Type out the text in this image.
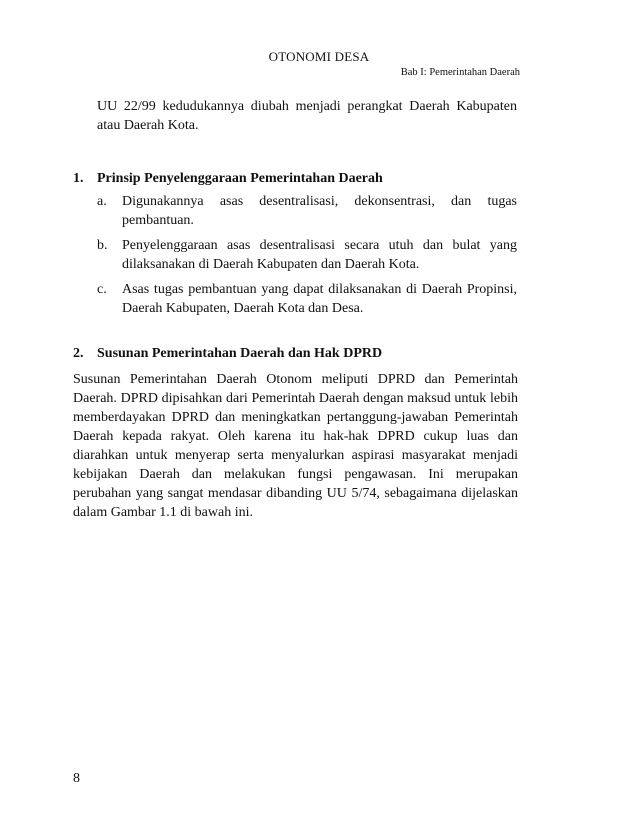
OTONOMI DESA
Bab I: Pemerintahan Daerah

UU 22/99 kedudukannya diubah menjadi perangkat Daerah Kabupaten atau Daerah Kota.

1. Prinsip Penyelenggaraan Pemerintahan Daerah
a.	Digunakannya asas desentralisasi, dekonsentrasi, dan tugas pembantuan.
b.	Penyelenggaraan asas desentralisasi secara utuh dan bulat yang dilaksanakan di Daerah Kabupaten dan Daerah Kota.
c.	Asas tugas pembantuan yang dapat dilaksanakan di Daerah Propinsi, Daerah Kabupaten, Daerah Kota dan Desa.
2. Susunan Pemerintahan Daerah dan Hak DPRD

Susunan Pemerintahan Daerah Otonom meliputi DPRD dan Pemerintah Daerah. DPRD dipisahkan dari Pemerintah Daerah dengan maksud untuk lebih memberdayakan DPRD dan meningkatkan pertanggung-jawaban Pemerintah Daerah kepada rakyat. Oleh karena itu hak-hak DPRD cukup luas dan diarahkan untuk menyerap serta menyalurkan aspirasi masyarakat menjadi kebijakan Daerah dan melakukan fungsi pengawasan. Ini merupakan perubahan yang sangat mendasar dibanding UU 5/74, sebagaimana dijelaskan dalam Gambar 1.1 di bawah ini.

8
